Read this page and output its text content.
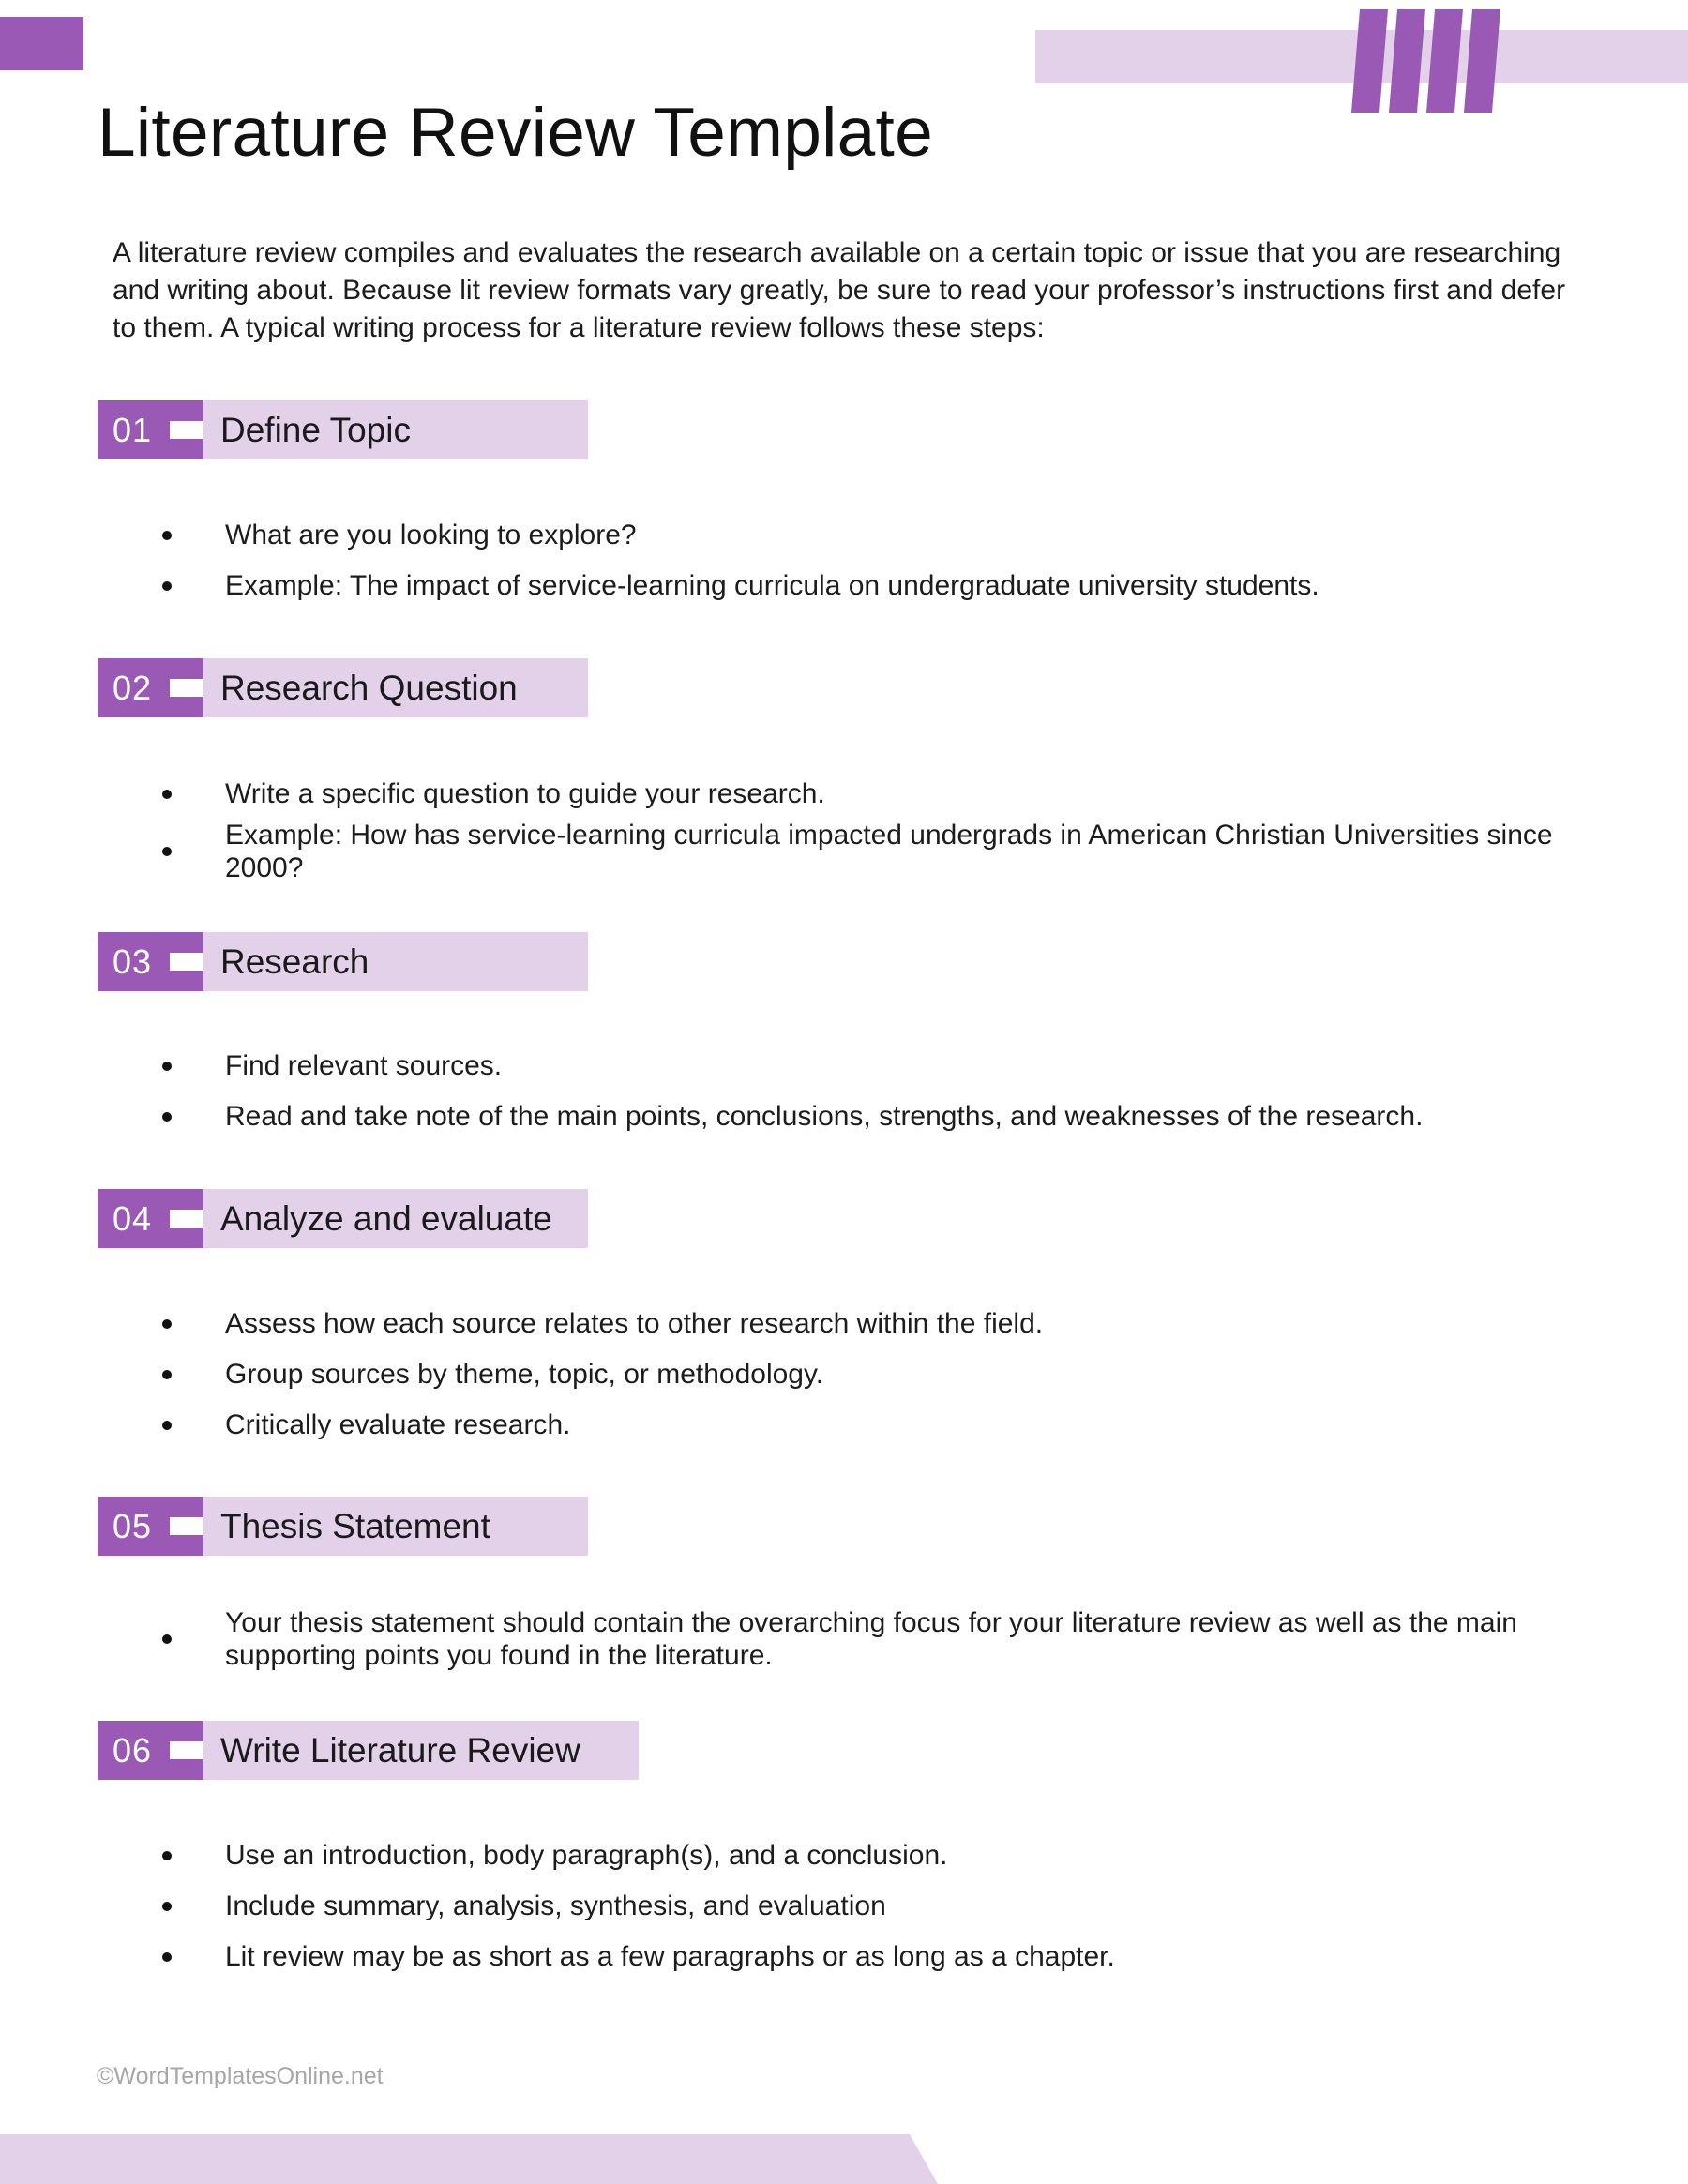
Literature Review Template

A literature review compiles and evaluates the research available on a certain topic or issue that you are researching and writing about. Because lit review formats vary greatly, be sure to read your professor’s instructions first and defer to them. A typical writing process for a literature review follows these steps:

01 Define Topic
What are you looking to explore?
Example: The impact of service-learning curricula on undergraduate university students.
02 Research Question
Write a specific question to guide your research.
Example: How has service-learning curricula impacted undergrads in American Christian Universities since 2000?
03 Research
Find relevant sources.
Read and take note of the main points, conclusions, strengths, and weaknesses of the research.
04 Analyze and evaluate
Assess how each source relates to other research within the field.
Group sources by theme, topic, or methodology.
Critically evaluate research.
05 Thesis Statement
Your thesis statement should contain the overarching focus for your literature review as well as the main supporting points you found in the literature.
06 Write Literature Review
Use an introduction, body paragraph(s), and a conclusion.
Include summary, analysis, synthesis, and evaluation
Lit review may be as short as a few paragraphs or as long as a chapter.
©WordTemplatesOnline.net
